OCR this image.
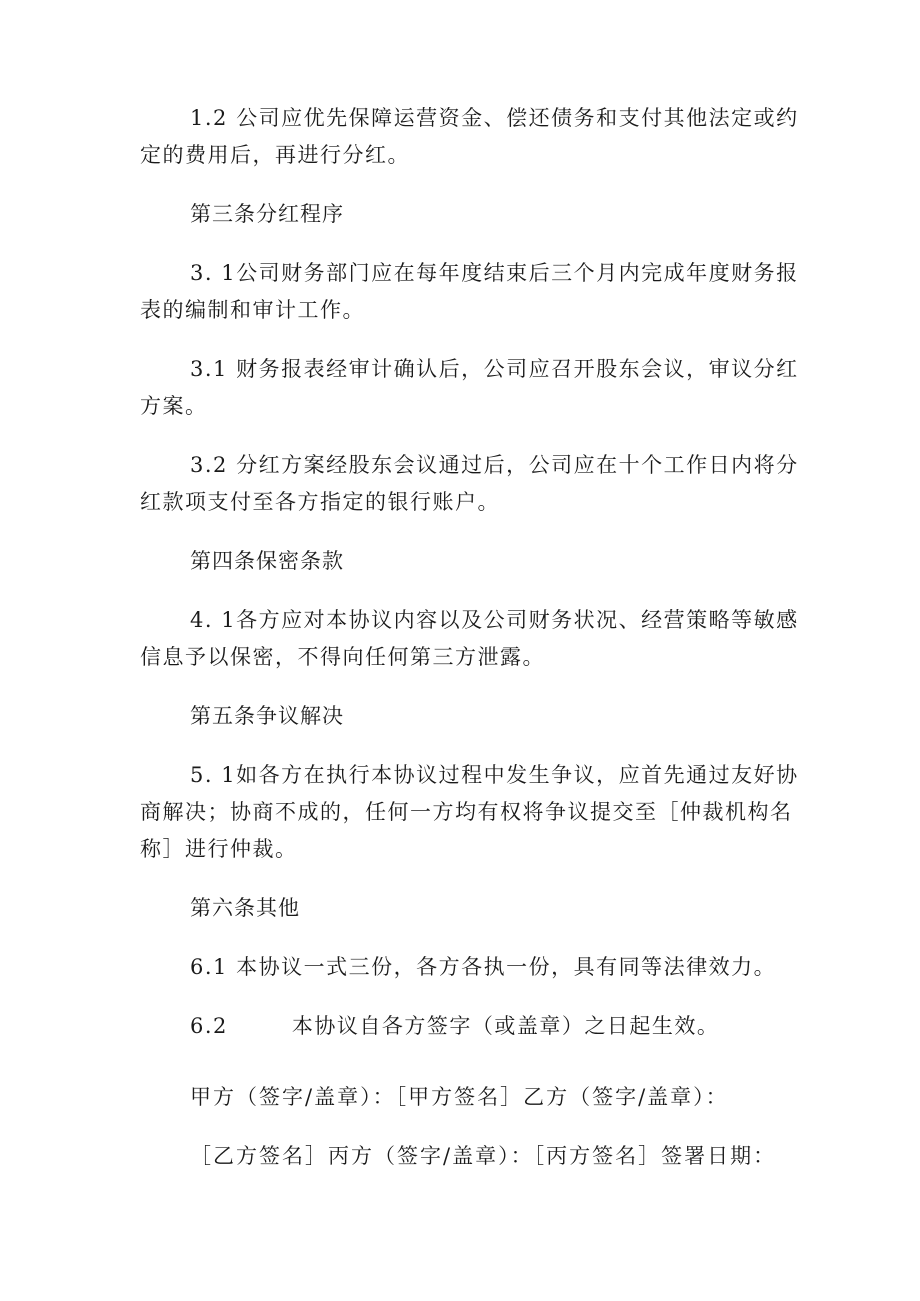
1.2 公司应优先保障运营资金、偿还债务和支付其他法定或约定的费用后，再进行分红。

第三条分红程序

3. 1公司财务部门应在每年度结束后三个月内完成年度财务报表的编制和审计工作。

3.1 财务报表经审计确认后，公司应召开股东会议，审议分红方案。

3.2 分红方案经股东会议通过后，公司应在十个工作日内将分红款项支付至各方指定的银行账户。

第四条保密条款

4. 1各方应对本协议内容以及公司财务状况、经营策略等敏感信息予以保密，不得向任何第三方泄露。

第五条争议解决

5. 1如各方在执行本协议过程中发生争议，应首先通过友好协商解决；协商不成的，任何一方均有权将争议提交至［仲裁机构名称］进行仲裁。

第六条其他

6.1 本协议一式三份，各方各执一份，具有同等法律效力。

6.2	本协议自各方签字（或盖章）之日起生效。

甲方（签字/盖章）：［甲方签名］乙方（签字/盖章）：

［乙方签名］丙方（签字/盖章）：［丙方签名］签署日期：
